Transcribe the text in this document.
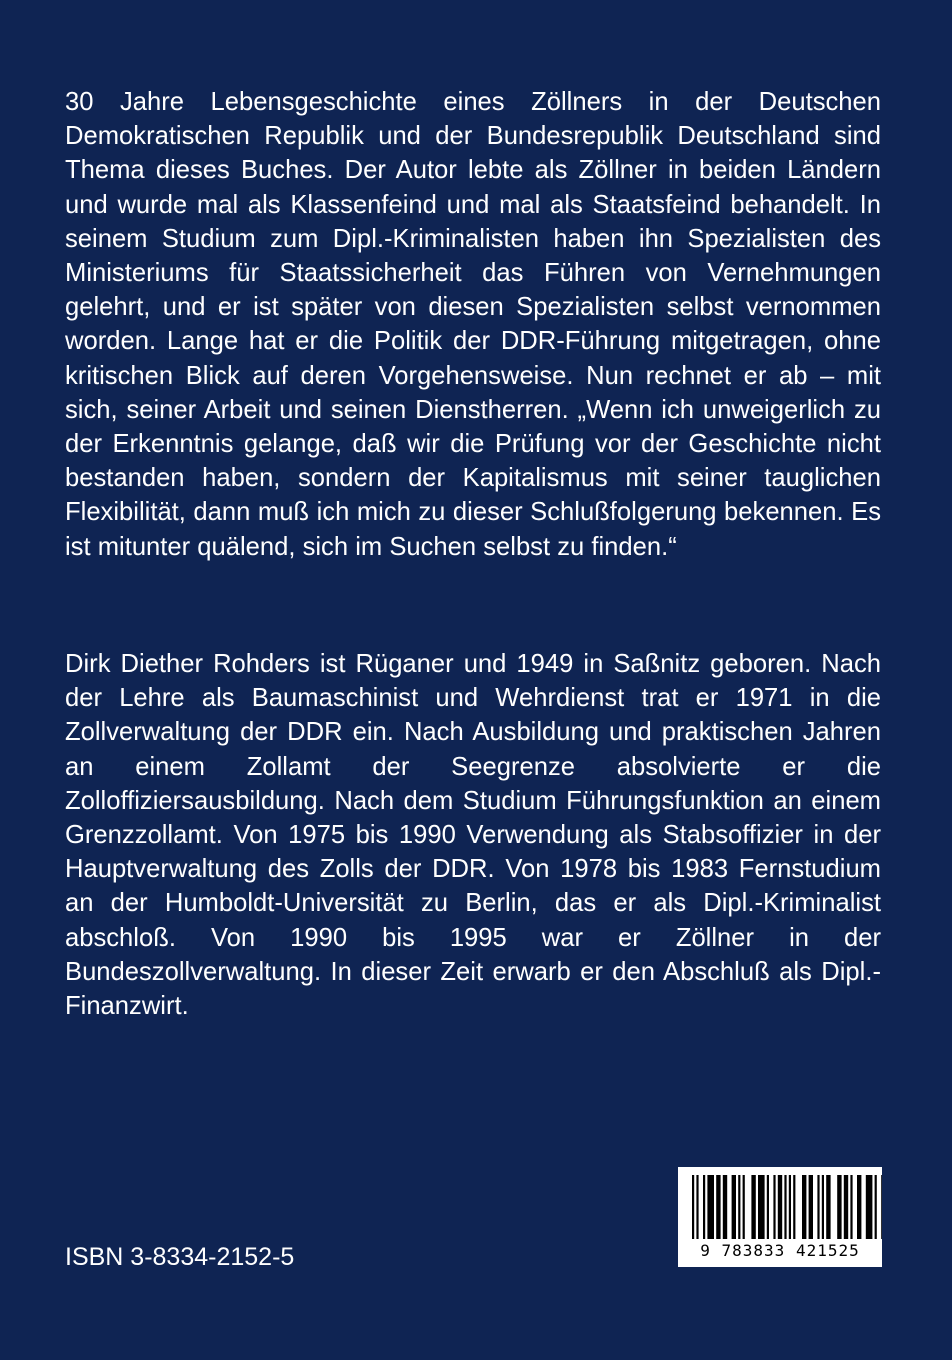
30 Jahre Lebensgeschichte eines Zöllners in der Deutschen Demokratischen Republik und der Bundesrepublik Deutschland sind Thema dieses Buches. Der Autor lebte als Zöllner in beiden Ländern und wurde mal als Klassenfeind und mal als Staatsfeind behandelt. In seinem Studium zum Dipl.-Kriminalisten haben ihn Spezialisten des Ministeriums für Staatssicherheit das Führen von Vernehmungen gelehrt, und er ist später von diesen Spezialisten selbst vernommen worden. Lange hat er die Politik der DDR-Führung mitgetragen, ohne kritischen Blick auf deren Vorgehensweise. Nun rechnet er ab – mit sich, seiner Arbeit und seinen Dienstherren. „Wenn ich unweigerlich zu der Erkenntnis gelange, daß wir die Prüfung vor der Geschichte nicht bestanden haben, sondern der Kapitalismus mit seiner tauglichen Flexibilität, dann muß ich mich zu dieser Schlußfolgerung bekennen. Es ist mitunter quälend, sich im Suchen selbst zu finden.“

Dirk Diether Rohders ist Rüganer und 1949 in Saßnitz geboren. Nach der Lehre als Baumaschinist und Wehrdienst trat er 1971 in die Zollverwaltung der DDR ein. Nach Ausbildung und praktischen Jahren an einem Zollamt der Seegrenze absolvierte er die Zolloffiziersausbildung. Nach dem Studium Führungsfunktion an einem Grenzzollamt. Von 1975 bis 1990 Verwendung als Stabsoffizier in der Hauptverwaltung des Zolls der DDR. Von 1978 bis 1983 Fernstudium an der Humboldt-Universität zu Berlin, das er als Dipl.-Kriminalist abschloß. Von 1990 bis 1995 war er Zöllner in der Bundeszollverwaltung. In dieser Zeit erwarb er den Abschluß als Dipl.-Finanzwirt.

ISBN 3-8334-2152-5	9 783833 421525
